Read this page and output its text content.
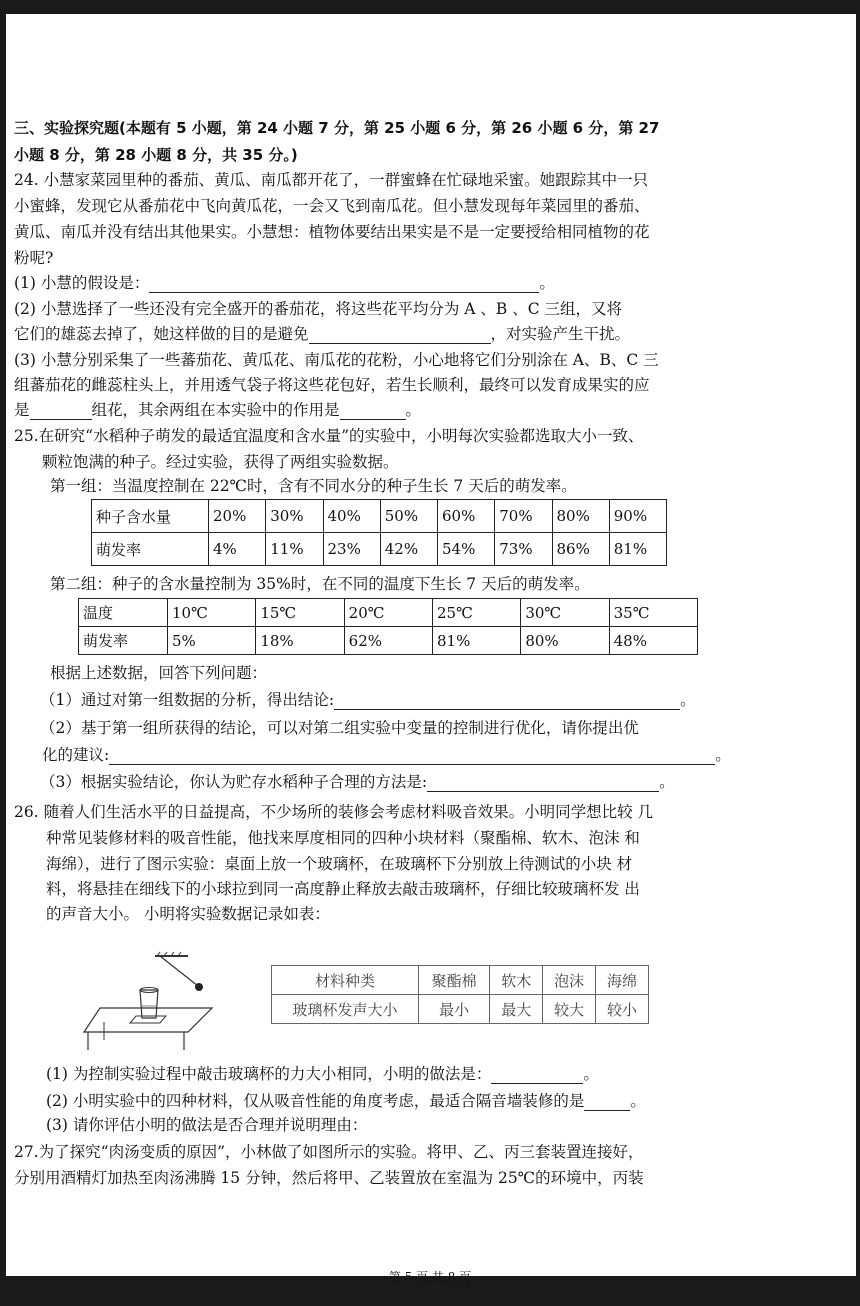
三、实验探究题(本题有 5 小题，第 24 小题 7 分，第 25 小题 6 分，第 26 小题 6 分，第 27
小题 8 分，第 28 小题 8 分，共 35 分。)
24. 小慧家菜园里种的番茄、黄瓜、南瓜都开花了，一群蜜蜂在忙碌地采蜜。她跟踪其中一只
小蜜蜂，发现它从番茄花中飞向黄瓜花，一会又飞到南瓜花。但小慧发现每年菜园里的番茄、
黄瓜、南瓜并没有结出其他果实。小慧想：植物体要结出果实是不是一定要授给相同植物的花
粉呢?
(1) 小慧的假设是：	。
(2) 小慧选择了一些还没有完全盛开的番茄花，将这些花平均分为 A 、B 、C 三组，又将
它们的雄蕊去掉了，她这样做的目的是避免	，对实验产生干扰。
(3) 小慧分别采集了一些蕃茄花、黄瓜花、南瓜花的花粉，小心地将它们分别涂在 A、B、C 三
组蕃茄花的雌蕊柱头上，并用透气袋子将这些花包好，若生长顺利，最终可以发育成果实的应
是	组花，其余两组在本实验中的作用是	。
25.在研究“水稻种子萌发的最适宜温度和含水量”的实验中，小明每次实验都选取大小一致、
颗粒饱满的种子。经过实验，获得了两组实验数据。
第一组：当温度控制在 22℃时，含有不同水分的种子生长 7 天后的萌发率。
种子含水量	20%	30%	40%	50%	60%	70%	80%	90%
萌发率	4%	11%	23%	42%	54%	73%	86%	81%
第二组：种子的含水量控制为 35%时，在不同的温度下生长 7 天后的萌发率。
温度	10℃	15℃	20℃	25℃	30℃	35℃
萌发率	5%	18%	62%	81%	80%	48%
根据上述数据，回答下列问题：
（1）通过对第一组数据的分析，得出结论:	。
（2）基于第一组所获得的结论，可以对第二组实验中变量的控制进行优化，请你提出优
化的建议:	。
（3）根据实验结论，你认为贮存水稻种子合理的方法是:	。
26. 随着人们生活水平的日益提高，不少场所的装修会考虑材料吸音效果。小明同学想比较 几
种常见装修材料的吸音性能，他找来厚度相同的四种小块材料（聚酯棉、软木、泡沫 和
海绵），进行了图示实验：桌面上放一个玻璃杯，在玻璃杯下分别放上待测试的小块 材
料，将悬挂在细线下的小球拉到同一高度静止释放去敲击玻璃杯，仔细比较玻璃杯发 出
的声音大小。 小明将实验数据记录如表：
材料种类	聚酯棉	软木	泡沫	海绵
玻璃杯发声大小	最小	最大	较大	较小
(1) 为控制实验过程中敲击玻璃杯的力大小相同，小明的做法是：	。
(2) 小明实验中的四种材料，仅从吸音性能的角度考虑，最适合隔音墙装修的是	。
(3) 请你评估小明的做法是否合理并说明理由：
27.为了探究“肉汤变质的原因”，小林做了如图所示的实验。将甲、乙、丙三套装置连接好，
分别用酒精灯加热至肉汤沸腾 15 分钟，然后将甲、乙装置放在室温为 25℃的环境中，丙装
第 5 页 共 8 页
